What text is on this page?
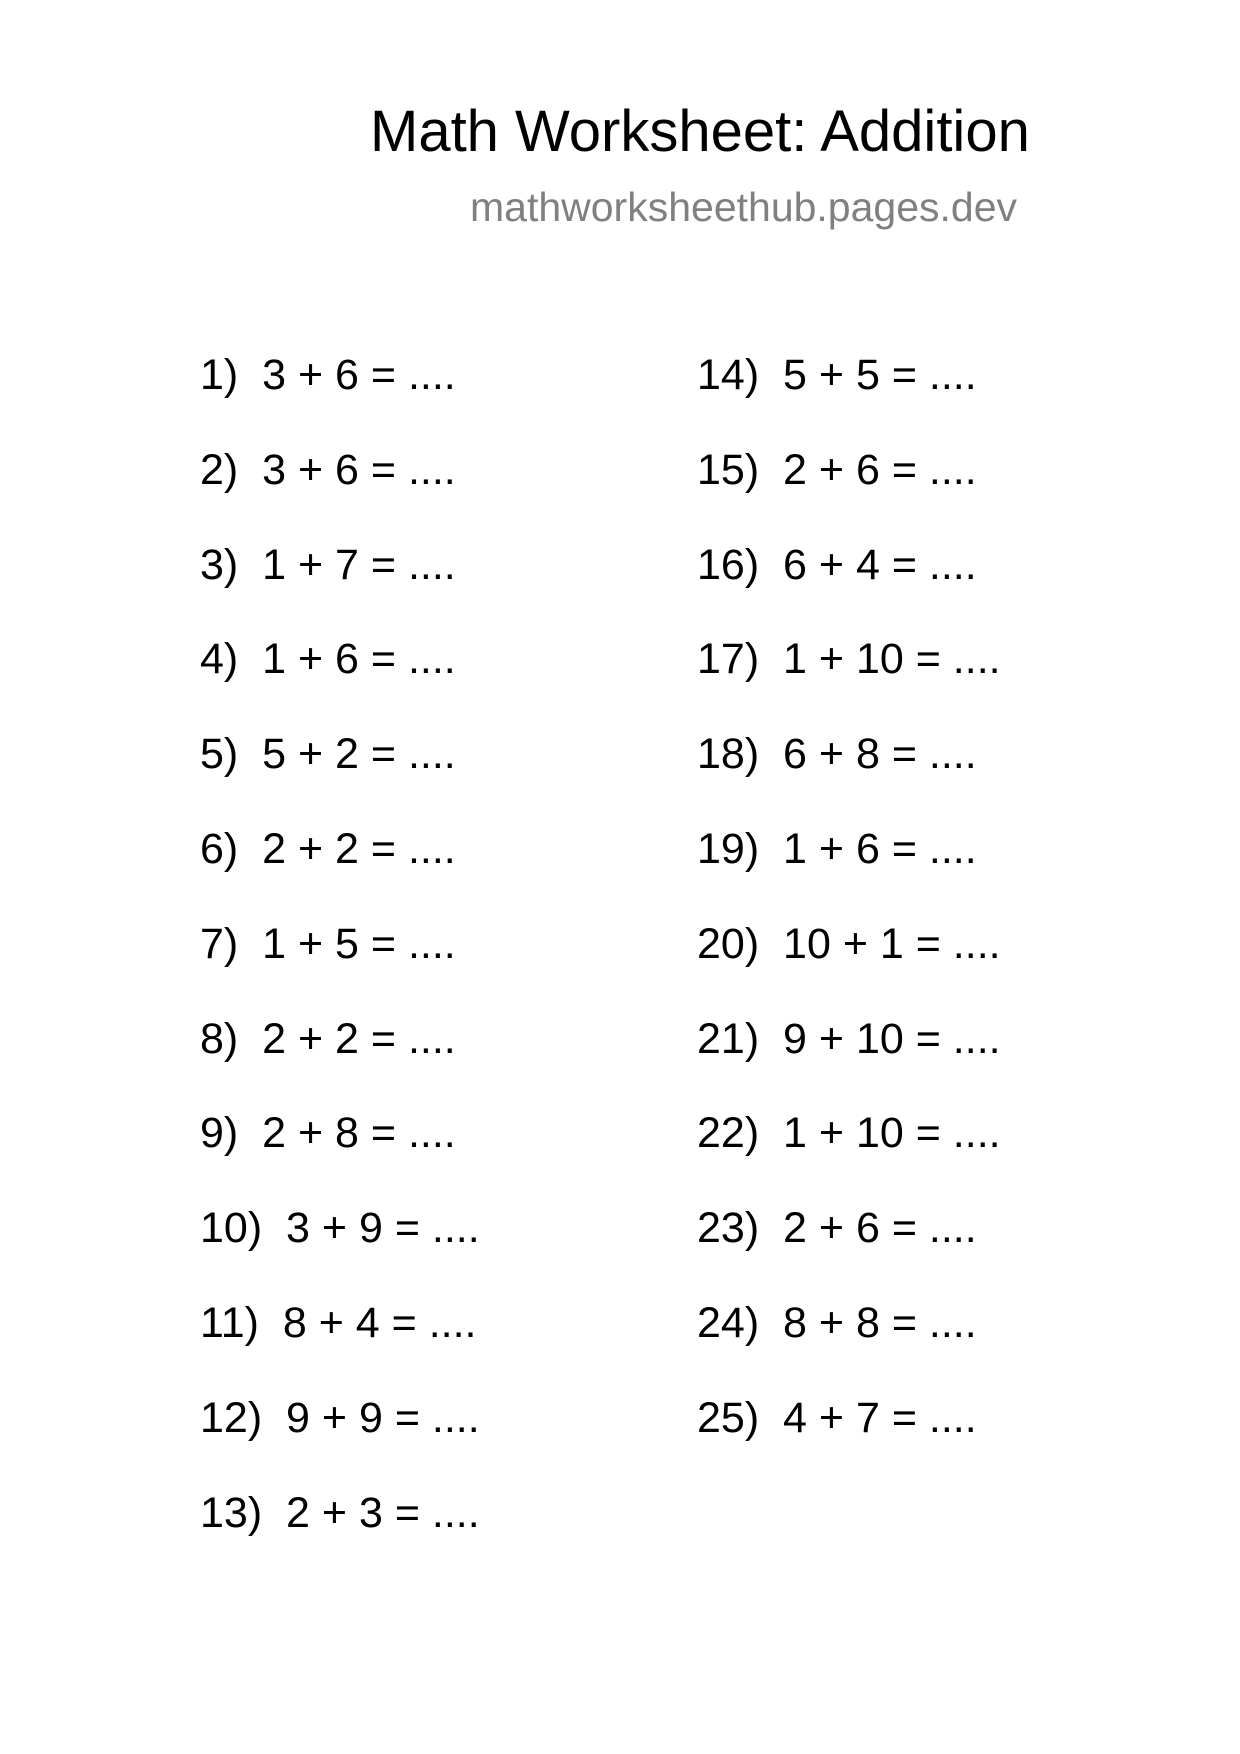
Math Worksheet: Addition
mathworksheethub.pages.dev
1)  3 + 6 = ....
2)  3 + 6 = ....
3)  1 + 7 = ....
4)  1 + 6 = ....
5)  5 + 2 = ....
6)  2 + 2 = ....
7)  1 + 5 = ....
8)  2 + 2 = ....
9)  2 + 8 = ....
10)  3 + 9 = ....
11)  8 + 4 = ....
12)  9 + 9 = ....
13)  2 + 3 = ....
14)  5 + 5 = ....
15)  2 + 6 = ....
16)  6 + 4 = ....
17)  1 + 10 = ....
18)  6 + 8 = ....
19)  1 + 6 = ....
20)  10 + 1 = ....
21)  9 + 10 = ....
22)  1 + 10 = ....
23)  2 + 6 = ....
24)  8 + 8 = ....
25)  4 + 7 = ....
